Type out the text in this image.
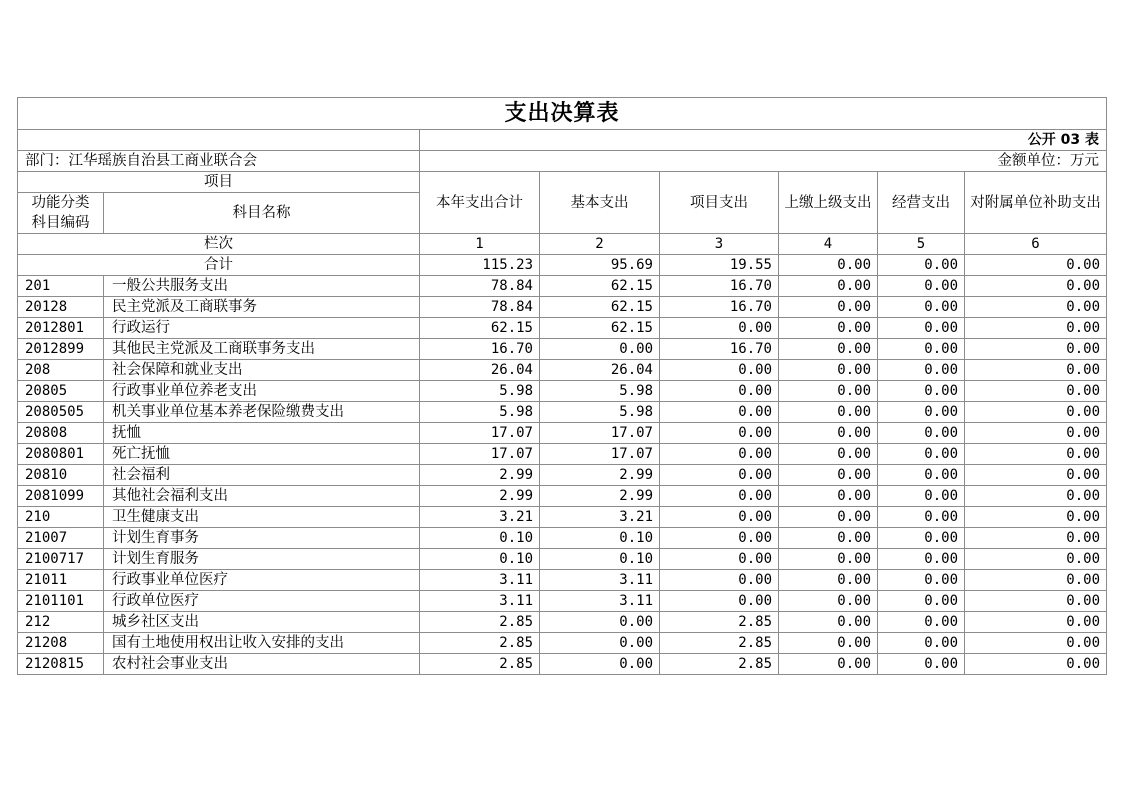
支出决算表							
		公开 03 表					
部门：江华瑶族自治县工商业联合会		金额单位：万元					
项目		本年支出合计	基本支出	项目支出	上缴上级支出	经营支出	对附属单位补助支出
功能分类
科目编码	科目名称						
栏次		1	2	3	4	5	6
合计		115.23	95.69	19.55	0.00	0.00	0.00
201	一般公共服务支出	78.84	62.15	16.70	0.00	0.00	0.00
20128	民主党派及工商联事务	78.84	62.15	16.70	0.00	0.00	0.00
2012801	行政运行	62.15	62.15	0.00	0.00	0.00	0.00
2012899	其他民主党派及工商联事务支出	16.70	0.00	16.70	0.00	0.00	0.00
208	社会保障和就业支出	26.04	26.04	0.00	0.00	0.00	0.00
20805	行政事业单位养老支出	5.98	5.98	0.00	0.00	0.00	0.00
2080505	机关事业单位基本养老保险缴费支出	5.98	5.98	0.00	0.00	0.00	0.00
20808	抚恤	17.07	17.07	0.00	0.00	0.00	0.00
2080801	死亡抚恤	17.07	17.07	0.00	0.00	0.00	0.00
20810	社会福利	2.99	2.99	0.00	0.00	0.00	0.00
2081099	其他社会福利支出	2.99	2.99	0.00	0.00	0.00	0.00
210	卫生健康支出	3.21	3.21	0.00	0.00	0.00	0.00
21007	计划生育事务	0.10	0.10	0.00	0.00	0.00	0.00
2100717	计划生育服务	0.10	0.10	0.00	0.00	0.00	0.00
21011	行政事业单位医疗	3.11	3.11	0.00	0.00	0.00	0.00
2101101	行政单位医疗	3.11	3.11	0.00	0.00	0.00	0.00
212	城乡社区支出	2.85	0.00	2.85	0.00	0.00	0.00
21208	国有土地使用权出让收入安排的支出	2.85	0.00	2.85	0.00	0.00	0.00
2120815	农村社会事业支出	2.85	0.00	2.85	0.00	0.00	0.00
